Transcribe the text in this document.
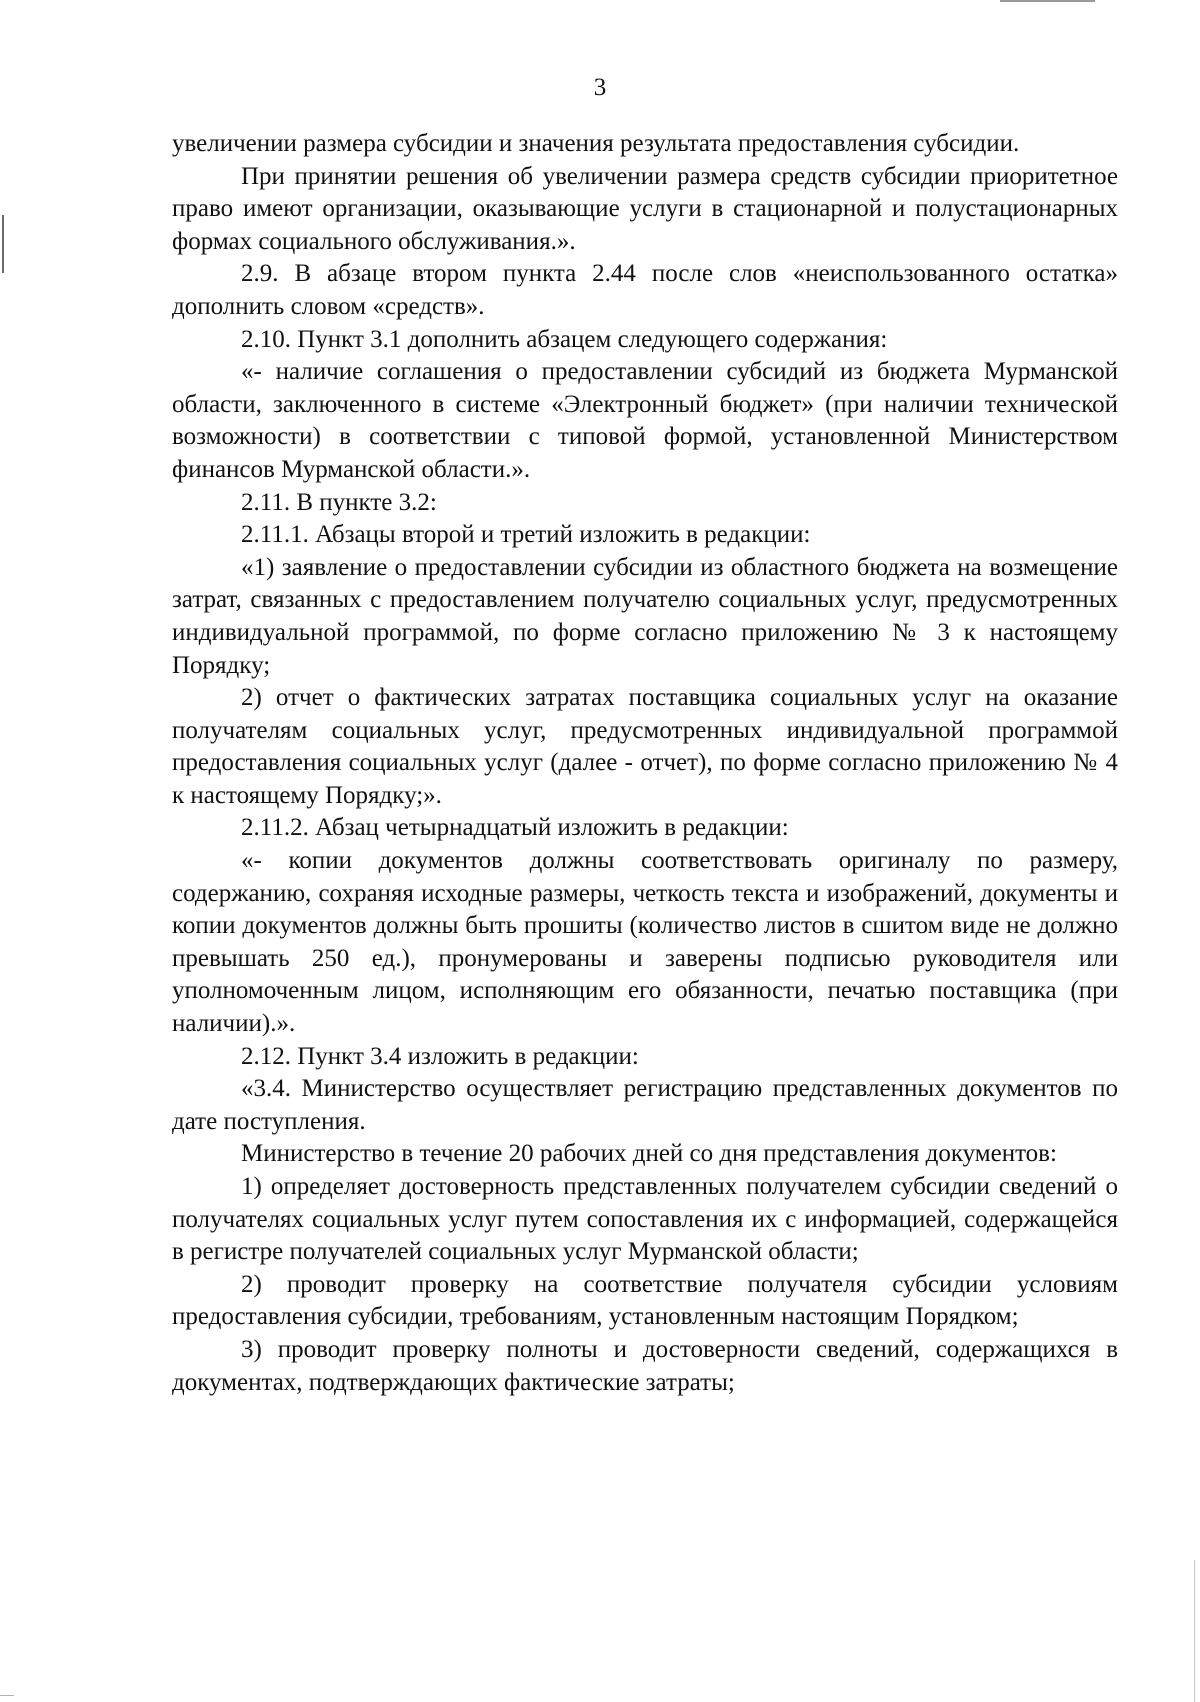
3

увеличении размера субсидии и значения результата предоставления субсидии.

При принятии решения об увеличении размера средств субсидии приоритетное право имеют организации, оказывающие услуги в стационарной и полустационарных формах социального обслуживания.».

2.9. В абзаце втором пункта 2.44 после слов «неиспользованного остатка» дополнить словом «средств».

2.10. Пункт 3.1 дополнить абзацем следующего содержания:

«- наличие соглашения о предоставлении субсидий из бюджета Мурманской области, заключенного в системе «Электронный бюджет» (при наличии технической возможности) в соответствии с типовой формой, установленной Министерством финансов Мурманской области.».

2.11. В пункте 3.2:

2.11.1. Абзацы второй и третий изложить в редакции:

«1) заявление о предоставлении субсидии из областного бюджета на возмещение затрат, связанных с предоставлением получателю социальных услуг, предусмотренных индивидуальной программой, по форме согласно приложению № 3 к настоящему Порядку;

2) отчет о фактических затратах поставщика социальных услуг на оказание получателям социальных услуг, предусмотренных индивидуальной программой предоставления социальных услуг (далее - отчет), по форме согласно приложению № 4 к настоящему Порядку;».

2.11.2. Абзац четырнадцатый изложить в редакции:

«- копии документов должны соответствовать оригиналу по размеру, содержанию, сохраняя исходные размеры, четкость текста и изображений, документы и копии документов должны быть прошиты (количество листов в сшитом виде не должно превышать 250 ед.), пронумерованы и заверены подписью руководителя или уполномоченным лицом, исполняющим его обязанности, печатью поставщика (при наличии).».

2.12. Пункт 3.4 изложить в редакции:

«3.4. Министерство осуществляет регистрацию представленных документов по дате поступления.

Министерство в течение 20 рабочих дней со дня представления документов:

1) определяет достоверность представленных получателем субсидии сведений о получателях социальных услуг путем сопоставления их с информацией, содержащейся в регистре получателей социальных услуг Мурманской области;

2) проводит проверку на соответствие получателя субсидии условиям предоставления субсидии, требованиям, установленным настоящим Порядком;

3) проводит проверку полноты и достоверности сведений, содержащихся в документах, подтверждающих фактические затраты;
